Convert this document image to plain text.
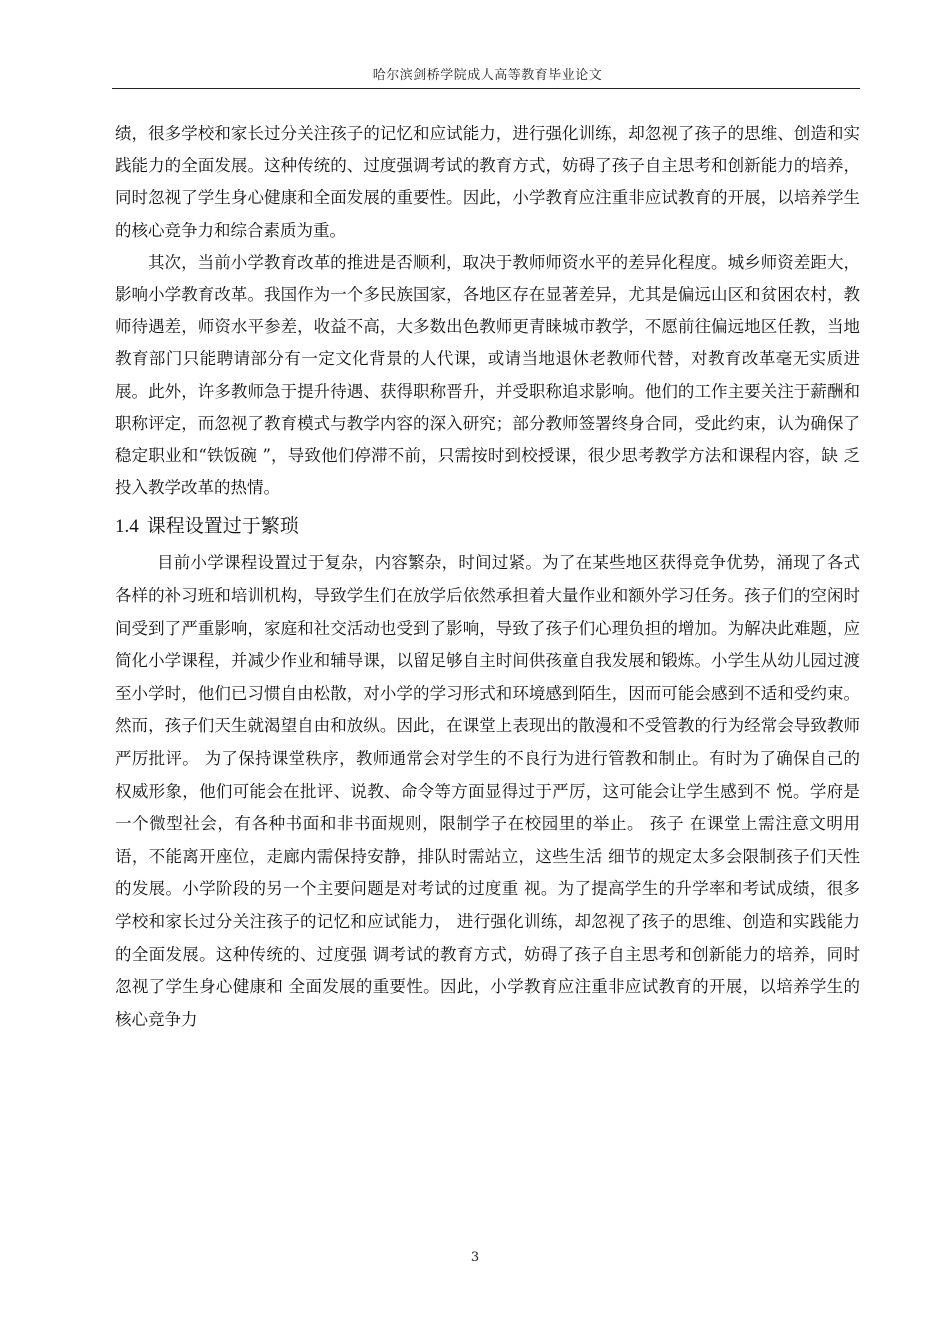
哈尔滨剑桥学院成人高等教育毕业论文

绩，很多学校和家长过分关注孩子的记忆和应试能力，进行强化训练，却忽视了孩子的思维、创造和实践能力的全面发展。这种传统的、过度强调考试的教育方式，妨碍了孩子自主思考和创新能力的培养，同时忽视了学生身心健康和全面发展的重要性。因此，小学教育应注重非应试教育的开展，以培养学生的核心竞争力和综合素质为重。

其次，当前小学教育改革的推进是否顺利，取决于教师师资水平的差异化程度。城乡师资差距大，影响小学教育改革。我国作为一个多民族国家，各地区存在显著差异，尤其是偏远山区和贫困农村，教师待遇差，师资水平参差，收益不高，大多数出色教师更青睐城市教学，不愿前往偏远地区任教，当地教育部门只能聘请部分有一定文化背景的人代课，或请当地退休老教师代替，对教育改革毫无实质进展。此外，许多教师急于提升待遇、获得职称晋升，并受职称追求影响。他们的工作主要关注于薪酬和职称评定，而忽视了教育模式与教学内容的深入研究；部分教师签署终身合同，受此约束，认为确保了稳定职业和“铁饭碗 ”，导致他们停滞不前，只需按时到校授课，很少思考教学方法和课程内容，缺 乏投入教学改革的热情。

1.4 课程设置过于繁琐

目前小学课程设置过于复杂，内容繁杂，时间过紧。为了在某些地区获得竞争优势，涌现了各式各样的补习班和培训机构，导致学生们在放学后依然承担着大量作业和额外学习任务。孩子们的空闲时间受到了严重影响，家庭和社交活动也受到了影响，导致了孩子们心理负担的增加。为解决此难题，应简化小学课程，并减少作业和辅导课，以留足够自主时间供孩童自我发展和锻炼。小学生从幼儿园过渡至小学时，他们已习惯自由松散，对小学的学习形式和环境感到陌生，因而可能会感到不适和受约束。然而，孩子们天生就渴望自由和放纵。因此，在课堂上表现出的散漫和不受管教的行为经常会导致教师严厉批评。 为了保持课堂秩序，教师通常会对学生的不良行为进行管教和制止。有时为了确保自己的 权威形象，他们可能会在批评、说教、命令等方面显得过于严厉，这可能会让学生感到不 悦。学府是一个微型社会，有各种书面和非书面规则，限制学子在校园里的举止。 孩子 在课堂上需注意文明用语，不能离开座位，走廊内需保持安静，排队时需站立，这些生活 细节的规定太多会限制孩子们天性的发展。小学阶段的另一个主要问题是对考试的过度重 视。为了提高学生的升学率和考试成绩，很多学校和家长过分关注孩子的记忆和应试能力， 进行强化训练，却忽视了孩子的思维、创造和实践能力的全面发展。这种传统的、过度强 调考试的教育方式，妨碍了孩子自主思考和创新能力的培养，同时忽视了学生身心健康和 全面发展的重要性。因此，小学教育应注重非应试教育的开展，以培养学生的核心竞争力

3
